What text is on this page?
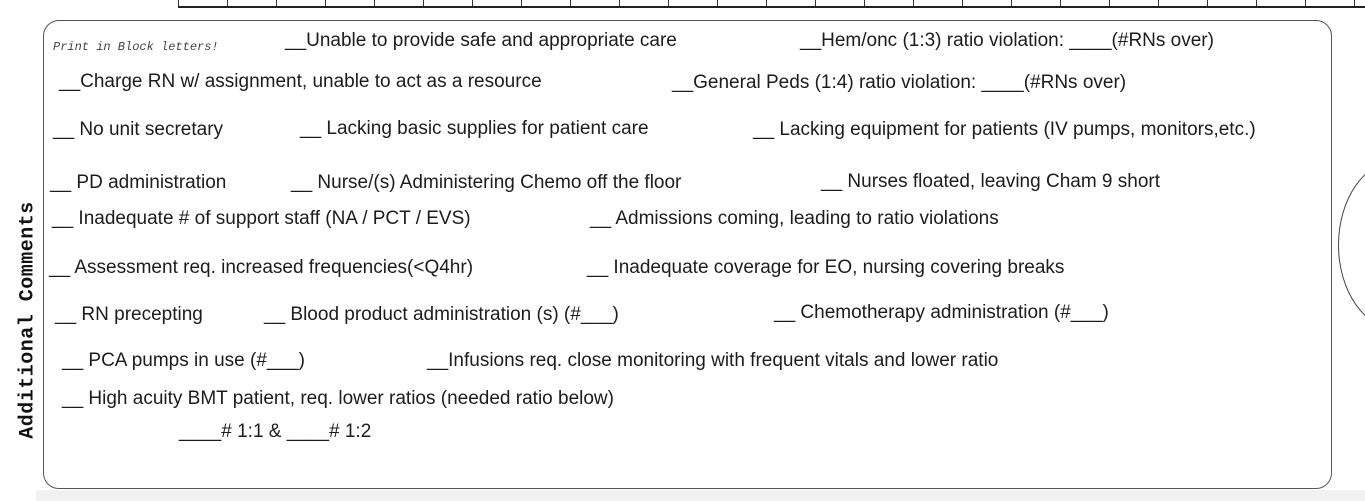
Additional Comments
Print in Block letters!	__Unable to provide safe and appropriate care	__Hem/onc (1:3) ratio violation: ____(#RNs over)
__Charge RN w/ assignment, unable to act as a resource	__General Peds (1:4) ratio violation: ____(#RNs over)
__ No unit secretary	__ Lacking basic supplies for patient care	__ Lacking equipment for patients (IV pumps, monitors,etc.)
__ PD administration	__ Nurse/(s) Administering Chemo off the floor	__ Nurses floated, leaving Cham 9 short
__ Inadequate # of support staff (NA / PCT / EVS)	__ Admissions coming, leading to ratio violations
__ Assessment req. increased frequencies(<Q4hr)	__ Inadequate coverage for EO, nursing covering breaks
__ RN precepting	__ Blood product administration (s) (#___)	__ Chemotherapy administration (#___)
__ PCA pumps in use (#___)	__Infusions req. close monitoring with frequent vitals and lower ratio
__ High acuity BMT patient, req. lower ratios (needed ratio below)
____# 1:1 & ____# 1:2
